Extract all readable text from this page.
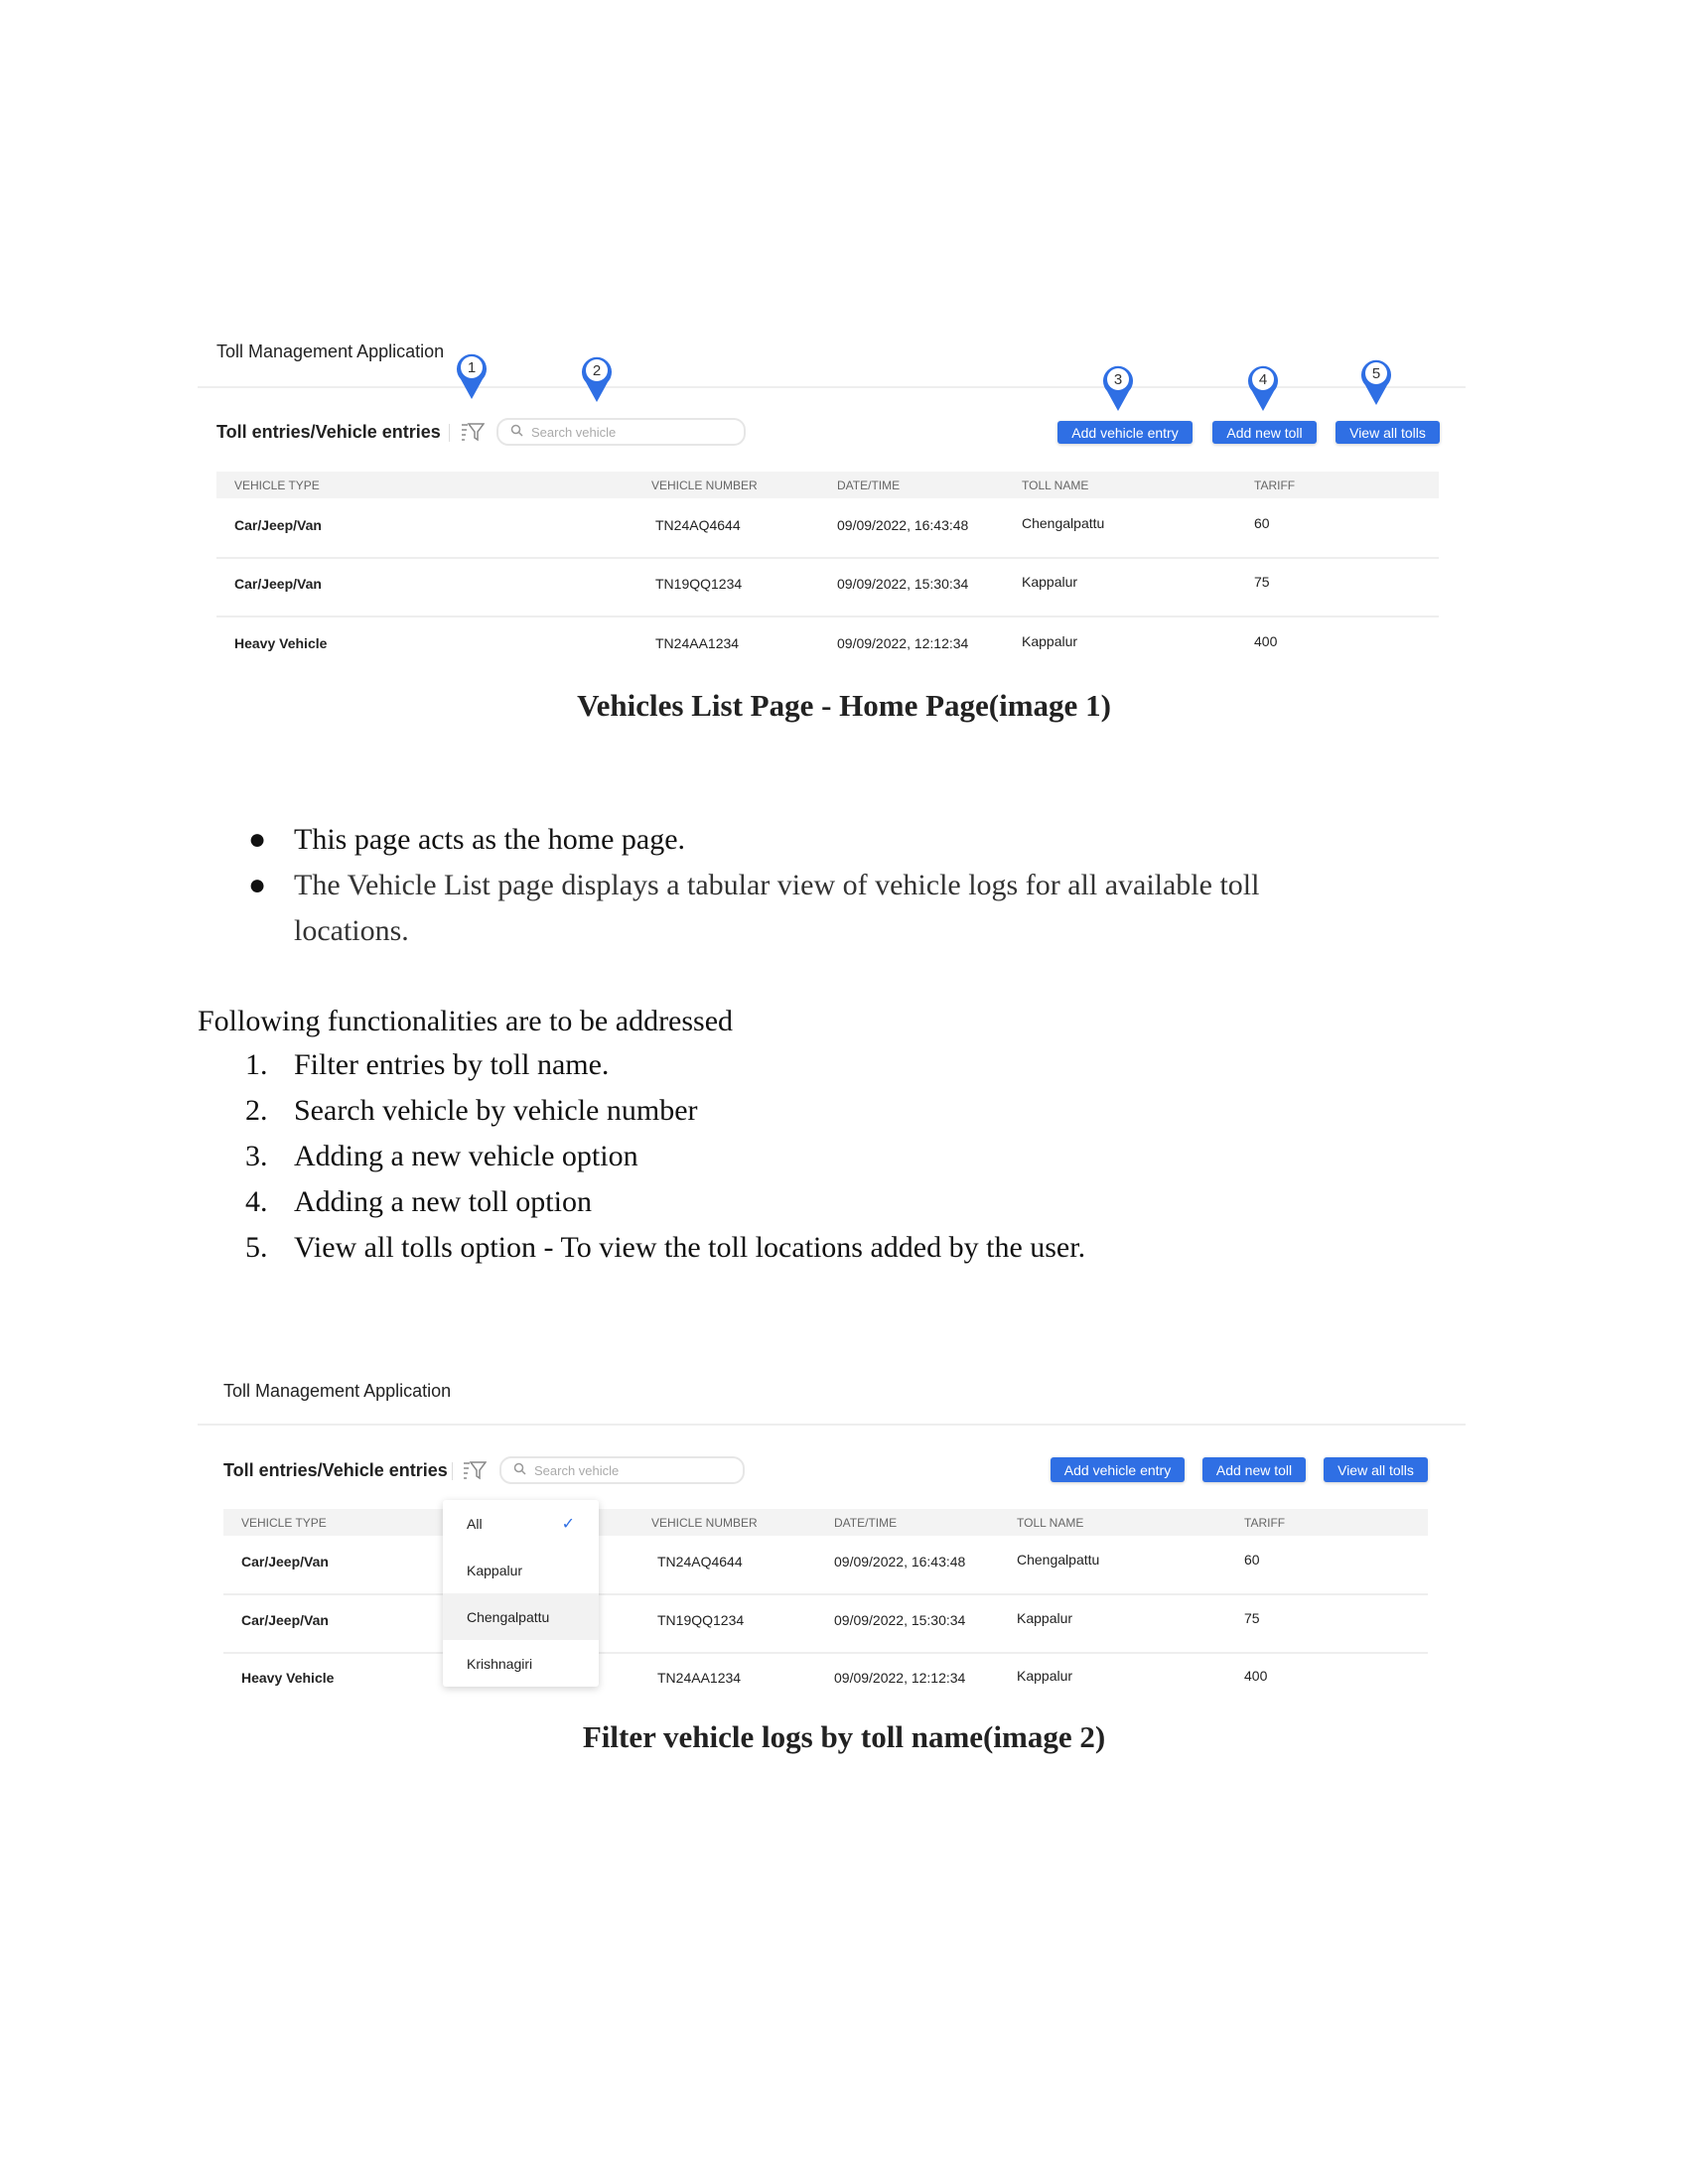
Toll Management Application
Toll entries/Vehicle entries	Search vehicle	Add vehicle entry	Add new toll	View all tolls
1	2
3	4	5
VEHICLE TYPE	VEHICLE NUMBER	DATE/TIME	TOLL NAME	TARIFF
Car/Jeep/Van	TN24AQ4644	09/09/2022, 16:43:48	Chengalpattu	60
Car/Jeep/Van	TN19QQ1234	09/09/2022, 15:30:34	Kappalur	75
Heavy Vehicle	TN24AA1234	09/09/2022, 12:12:34	Kappalur	400
Vehicles List Page - Home Page(image 1)
● This page acts as the home page.
● The Vehicle List page displays a tabular view of vehicle logs for all available toll
locations.
Following functionalities are to be addressed
1. Filter entries by toll name.
2. Search vehicle by vehicle number
3. Adding a new vehicle option
4. Adding a new toll option
5. View all tolls option - To view the toll locations added by the user.
Toll Management Application
Toll entries/Vehicle entries	Search vehicle	Add vehicle entry	Add new toll	View all tolls
VEHICLE TYPE	VEHICLE NUMBER	DATE/TIME	TOLL NAME	TARIFF
Car/Jeep/Van	TN24AQ4644	09/09/2022, 16:43:48	Chengalpattu	60
Car/Jeep/Van	TN19QQ1234	09/09/2022, 15:30:34	Kappalur	75
Heavy Vehicle	TN24AA1234	09/09/2022, 12:12:34	Kappalur	400
All	✓
Kappalur
Chengalpattu
Krishnagiri
Filter vehicle logs by toll name(image 2)
